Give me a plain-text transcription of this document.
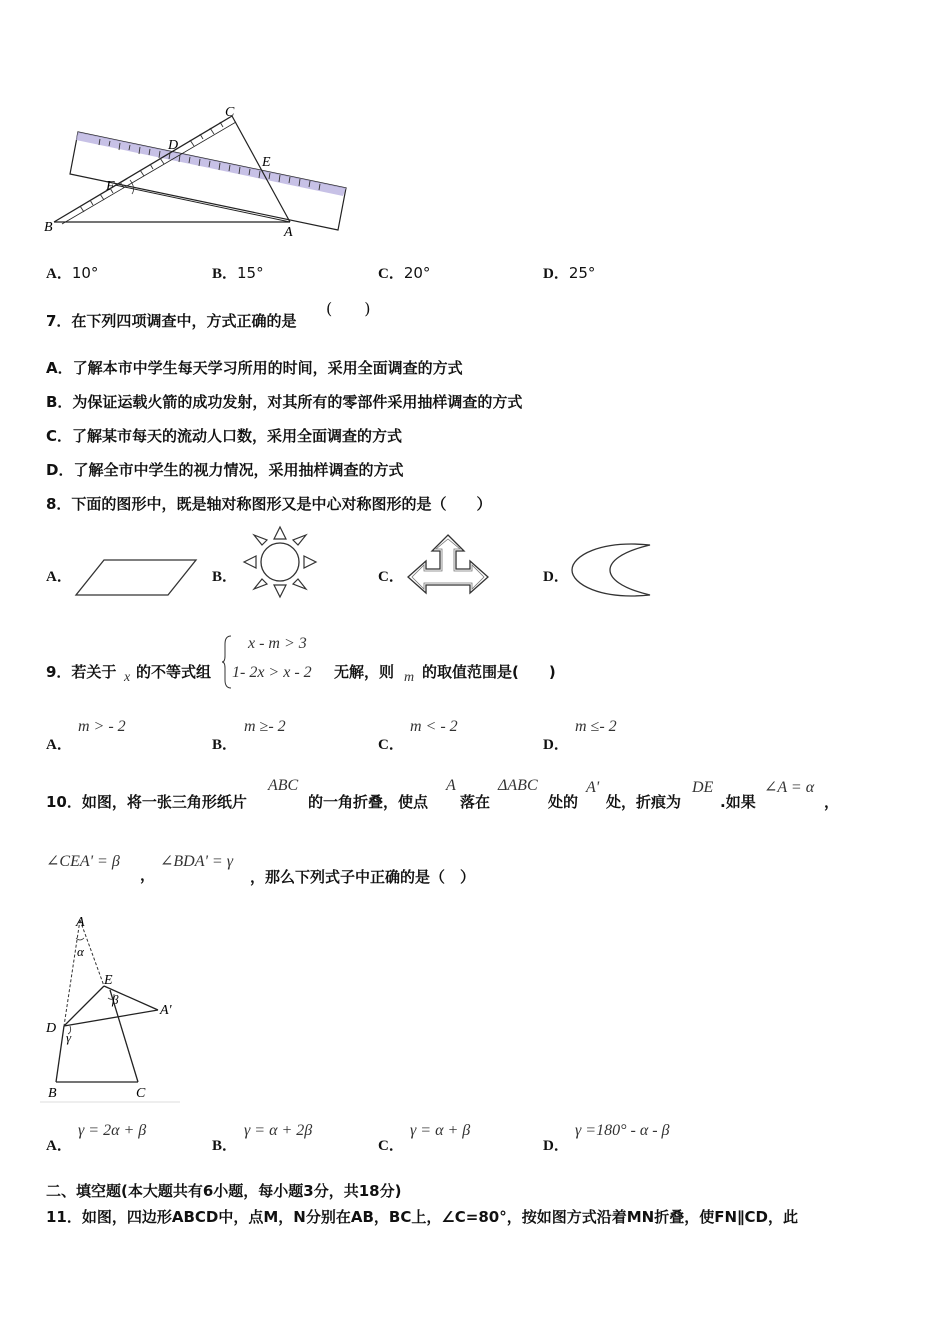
C
D
E
F
B	A
A．10°	B．15°	C．20°	D．25°
7．在下列四项调查中，方式正确的是
(　　)
A．了解本市中学生每天学习所用的时间，采用全面调查的方式
B．为保证运载火箭的成功发射，对其所有的零部件采用抽样调查的方式
C．了解某市每天的流动人口数，采用全面调查的方式
D．了解全市中学生的视力情况，采用抽样调查的方式
8．下面的图形中，既是轴对称图形又是中心对称图形的是（　　）
A．	B．	C．	D．
9．若关于 x 的不等式组
x - m > 3
1- 2x > x - 2 无解，则 m 的取值范围是(　　)
A．
m > - 2
B．
m ≥- 2
C．
m < - 2
D．
m ≤- 2
10．如图，将一张三角形纸片
ABC
的一角折叠，使点
A
落在
ΔABC
处的
A'
处，折痕为
DE
.如果
∠A = α
，
∠CEA' = β
，
∠BDA' = γ
，那么下列式子中正确的是（　）
A
α
E
β
A'
D
γ
B	C
A．
γ = 2α + β
B．
γ = α + 2β
C．
γ = α + β
D．
γ =180° - α - β
二、填空题(本大题共有6小题，每小题3分，共18分)
11．如图，四边形ABCD中，点M，N分别在AB，BC上，∠C=80°，按如图方式沿着MN折叠，使FN∥CD，此
